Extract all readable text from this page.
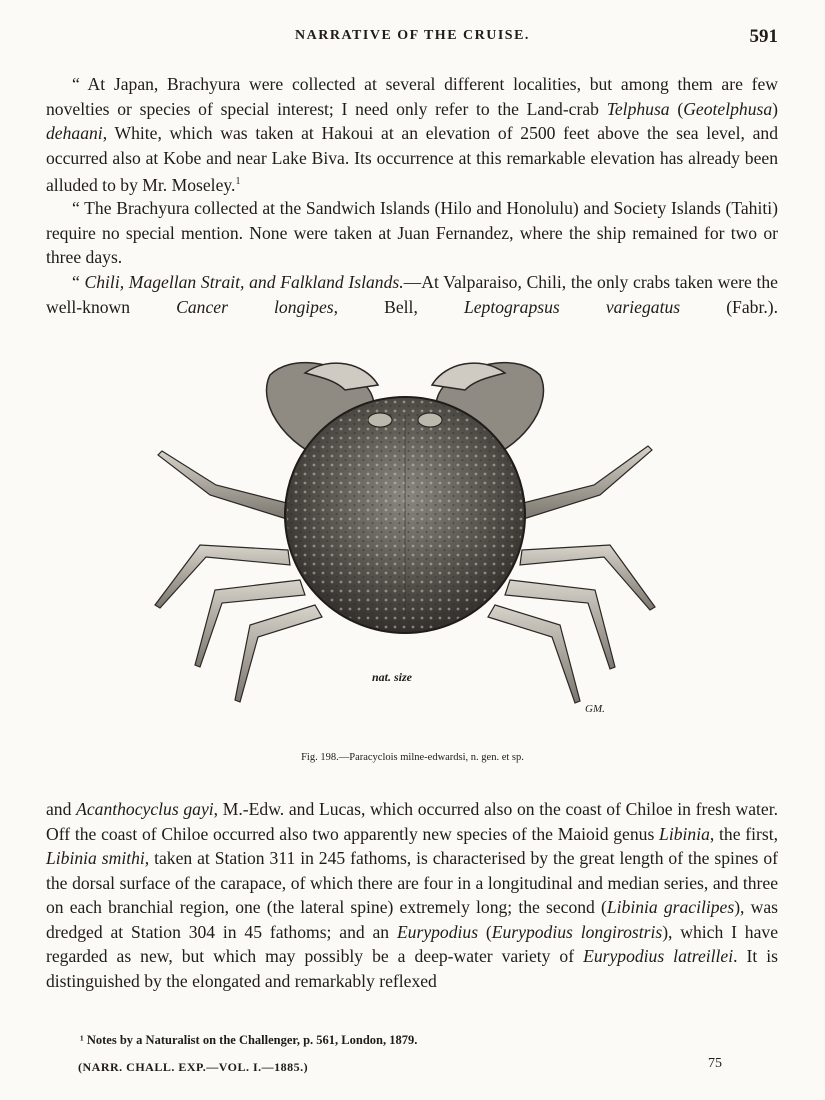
NARRATIVE OF THE CRUISE.	591

“ At Japan, Brachyura were collected at several different localities, but among them are few novelties or species of special interest; I need only refer to the Land-crab Telphusa (Geotelphusa) dehaani, White, which was taken at Hakoui at an elevation of 2500 feet above the sea level, and occurred also at Kobe and near Lake Biva. Its occurrence at this remarkable elevation has already been alluded to by Mr. Moseley.$^1$

“ The Brachyura collected at the Sandwich Islands (Hilo and Honolulu) and Society Islands (Tahiti) require no special mention. None were taken at Juan Fernandez, where the ship remained for two or three days.

“ Chili, Magellan Strait, and Falkland Islands.—At Valparaiso, Chili, the only crabs taken were the well-known Cancer longipes, Bell, Leptograpsus variegatus (Fabr.).

nat. size
GM.
Fig. 198.—Paracyclois milne-edwardsi, n. gen. et sp.

and Acanthocyclus gayi, M.-Edw. and Lucas, which occurred also on the coast of Chiloe in fresh water. Off the coast of Chiloe occurred also two apparently new species of the Maioid genus Libinia, the first, Libinia smithi, taken at Station 311 in 245 fathoms, is characterised by the great length of the spines of the dorsal surface of the carapace, of which there are four in a longitudinal and median series, and three on each branchial region, one (the lateral spine) extremely long; the second (Libinia gracilipes), was dredged at Station 304 in 45 fathoms; and an Eurypodius (Eurypodius longirostris), which I have regarded as new, but which may possibly be a deep-water variety of Eurypodius latreillei. It is distinguished by the elongated and remarkably reflexed

¹ Notes by a Naturalist on the Challenger, p. 561, London, 1879.
(NARR. CHALL. EXP.—VOL. I.—1885.)	75
